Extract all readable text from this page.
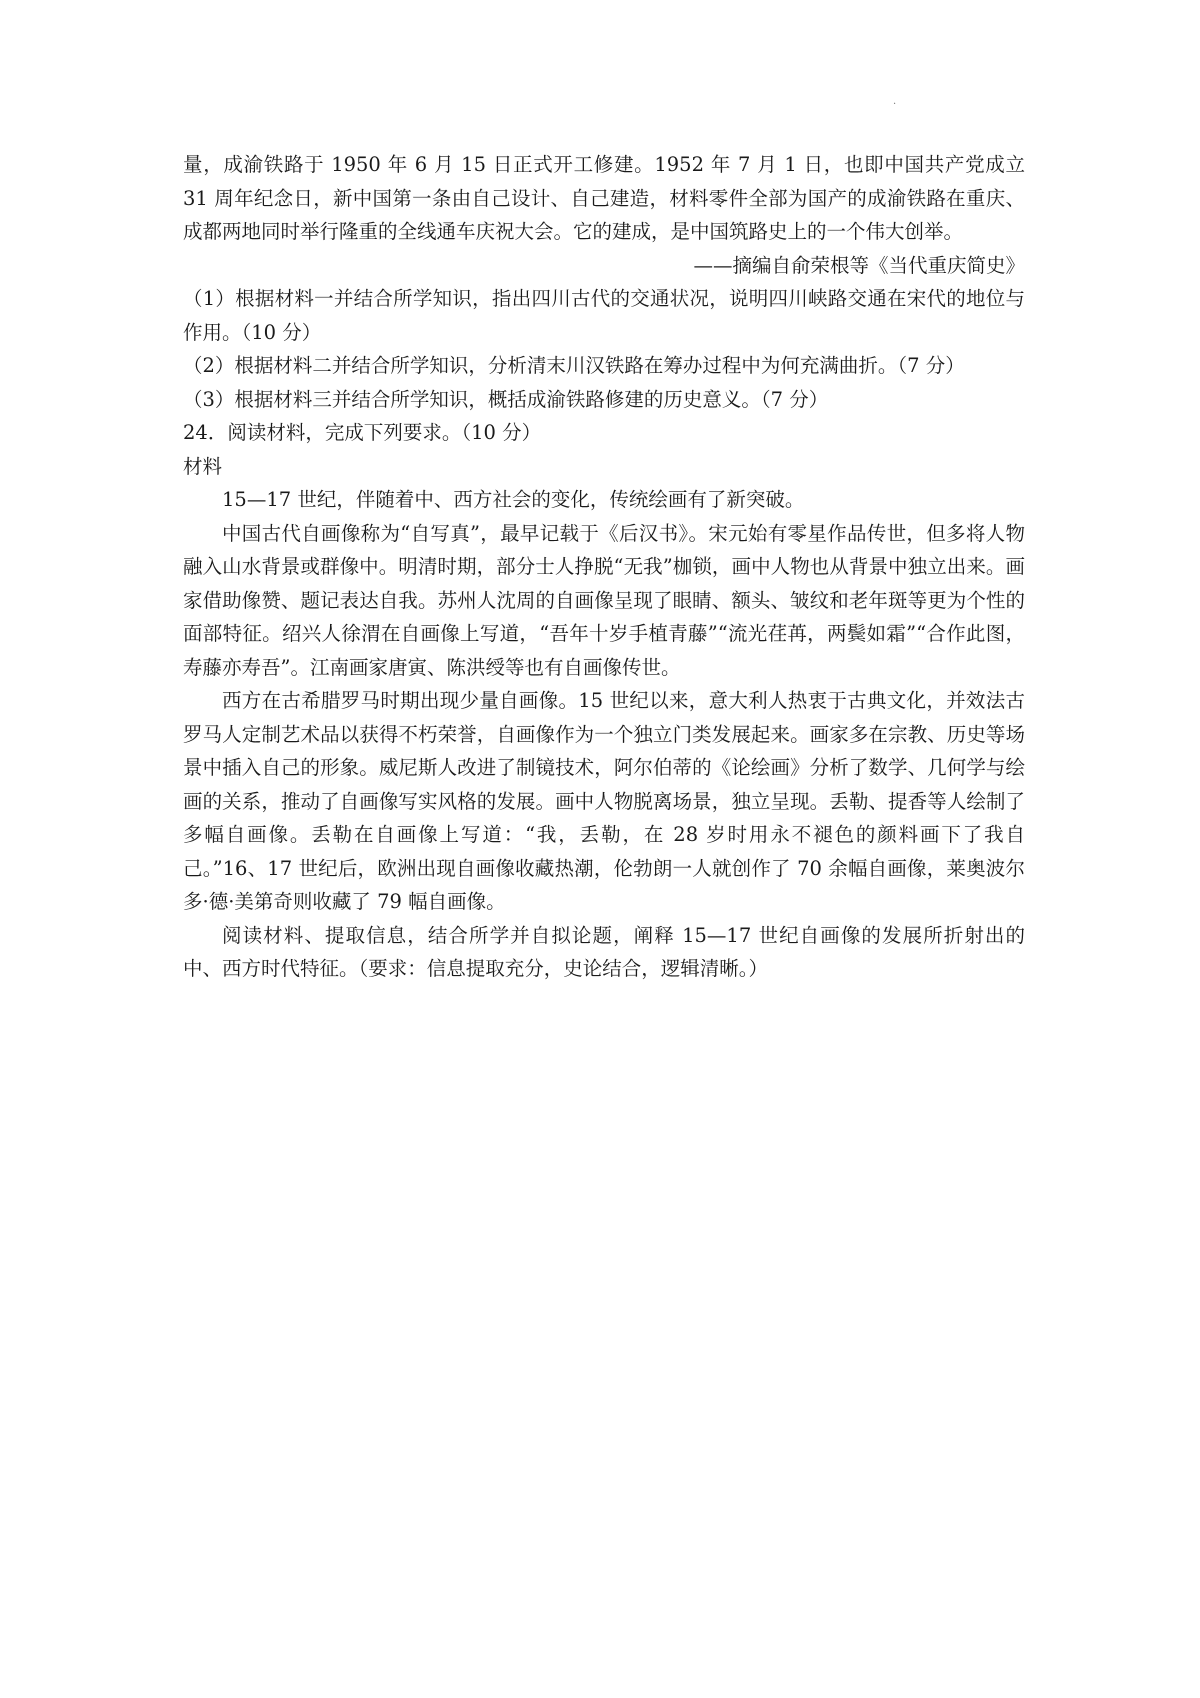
.

量，成渝铁路于 1950 年 6 月 15 日正式开工修建。1952 年 7 月 1 日，也即中国共产党成立 31 周年纪念日，新中国第一条由自己设计、自己建造，材料零件全部为国产的成渝铁路在重庆、成都两地同时举行隆重的全线通车庆祝大会。它的建成，是中国筑路史上的一个伟大创举。

——摘编自俞荣根等《当代重庆简史》

（1）根据材料一并结合所学知识，指出四川古代的交通状况，说明四川峡路交通在宋代的地位与作用。（10 分）

（2）根据材料二并结合所学知识，分析清末川汉铁路在筹办过程中为何充满曲折。（7 分）

（3）根据材料三并结合所学知识，概括成渝铁路修建的历史意义。（7 分）

24．阅读材料，完成下列要求。（10 分）

材料

15—17 世纪，伴随着中、西方社会的变化，传统绘画有了新突破。

中国古代自画像称为“自写真”，最早记载于《后汉书》。宋元始有零星作品传世，但多将人物融入山水背景或群像中。明清时期，部分士人挣脱“无我”枷锁，画中人物也从背景中独立出来。画家借助像赞、题记表达自我。苏州人沈周的自画像呈现了眼睛、额头、皱纹和老年斑等更为个性的面部特征。绍兴人徐渭在自画像上写道，“吾年十岁手植青藤”“流光荏苒，两鬓如霜”“合作此图，寿藤亦寿吾”。江南画家唐寅、陈洪绶等也有自画像传世。

西方在古希腊罗马时期出现少量自画像。15 世纪以来，意大利人热衷于古典文化，并效法古罗马人定制艺术品以获得不朽荣誉，自画像作为一个独立门类发展起来。画家多在宗教、历史等场景中插入自己的形象。威尼斯人改进了制镜技术，阿尔伯蒂的《论绘画》分析了数学、几何学与绘画的关系，推动了自画像写实风格的发展。画中人物脱离场景，独立呈现。丢勒、提香等人绘制了多幅自画像。丢勒在自画像上写道：“我，丢勒，在 28 岁时用永不褪色的颜料画下了我自己。”16、17 世纪后，欧洲出现自画像收藏热潮，伦勃朗一人就创作了 70 余幅自画像，莱奥波尔多·德·美第奇则收藏了 79 幅自画像。

阅读材料、提取信息，结合所学并自拟论题，阐释 15—17 世纪自画像的发展所折射出的中、西方时代特征。（要求：信息提取充分，史论结合，逻辑清晰。）
